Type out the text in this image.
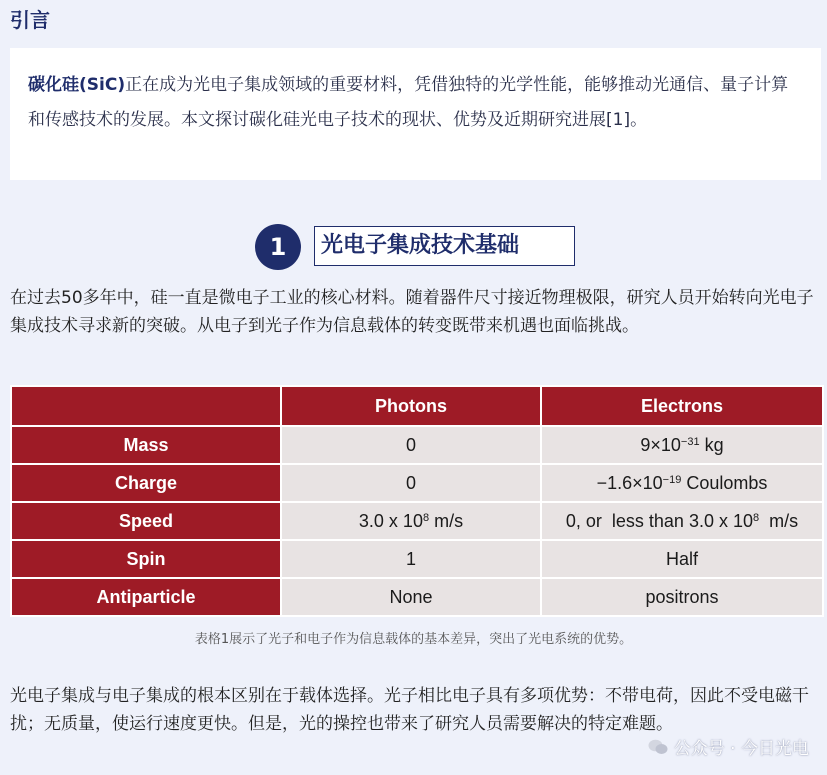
引言
碳化硅(SiC)正在成为光电子集成领域的重要材料，凭借独特的光学性能，能够推动光通信、量子计算和传感技术的发展。本文探讨碳化硅光电子技术的现状、优势及近期研究进展[1]。
1	光电子集成技术基础
在过去50多年中，硅一直是微电子工业的核心材料。随着器件尺寸接近物理极限，研究人员开始转向光电子集成技术寻求新的突破。从电子到光子作为信息载体的转变既带来机遇也面临挑战。
	Photons	Electrons
Mass	0	$9\times 10^{-31}$ kg
Charge	0	$-1.6\times 10^{-19}$ Coulombs
Speed	3.0 x $10^8$ m/s	0, or  less than 3.0 x $10^8$  m/s
Spin	1	Half
Antiparticle	None	positrons
表格1展示了光子和电子作为信息载体的基本差异，突出了光电系统的优势。
光电子集成与电子集成的根本区别在于载体选择。光子相比电子具有多项优势：不带电荷，因此不受电磁干扰；无质量，使运行速度更快。但是，光的操控也带来了研究人员需要解决的特定难题。
公众号 · 今日光电
